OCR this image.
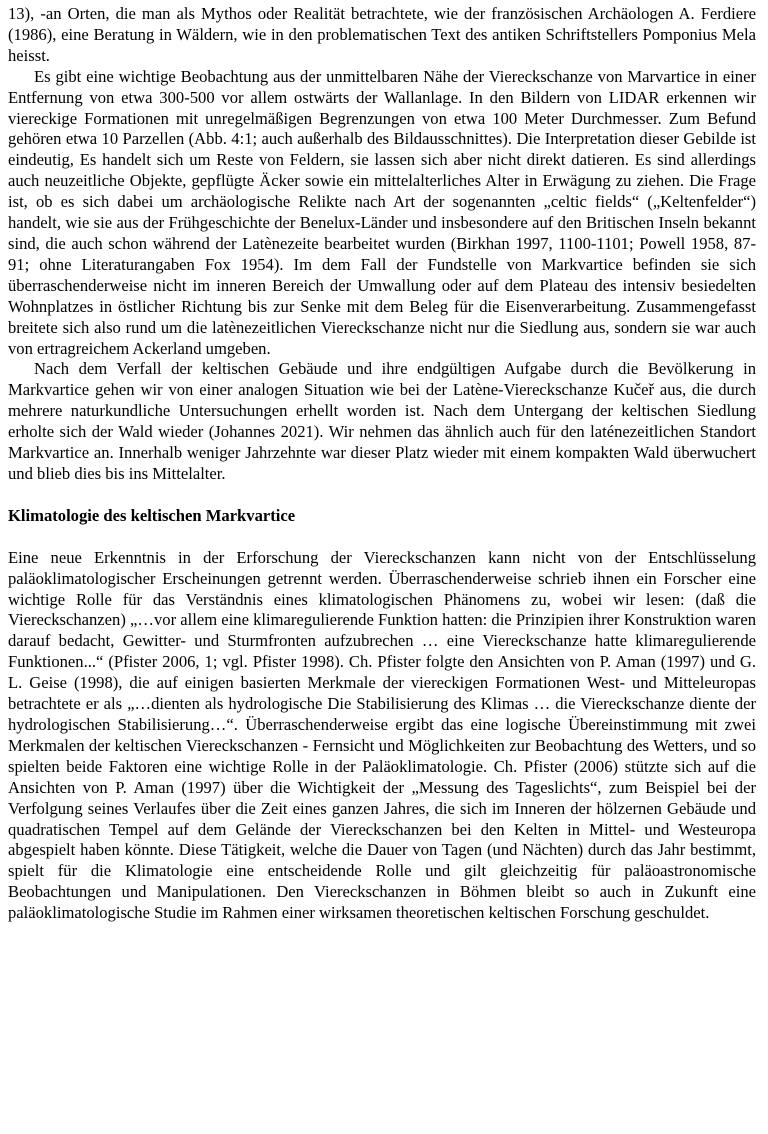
13), -an Orten, die man als Mythos oder Realität betrachtete, wie der französischen Archäologen A. Ferdiere (1986), eine Beratung in Wäldern, wie in den problematischen Text des antiken Schriftstellers Pomponius Mela heisst.

Es gibt eine wichtige Beobachtung aus der unmittelbaren Nähe der Viereckschanze von Marvartice in einer Entfernung von etwa 300-500 vor allem ostwärts der Wallanlage. In den Bildern von LIDAR erkennen wir viereckige Formationen mit unregelmäßigen Begrenzungen von etwa 100 Meter Durchmesser. Zum Befund gehören etwa 10 Parzellen (Abb. 4:1; auch außerhalb des Bildausschnittes). Die Interpretation dieser Gebilde ist eindeutig, Es handelt sich um Reste von Feldern, sie lassen sich aber nicht direkt datieren. Es sind allerdings auch neuzeitliche Objekte, gepflügte Äcker sowie ein mittelalterliches Alter in Erwägung zu ziehen. Die Frage ist, ob es sich dabei um archäologische Relikte nach Art der sogenannten „celtic fields“ („Keltenfelder“) handelt, wie sie aus der Frühgeschichte der Benelux-Länder und insbesondere auf den Britischen Inseln bekannt sind, die auch schon während der Latènezeite bearbeitet wurden (Birkhan 1997, 1100-1101; Powell 1958, 87-91; ohne Literaturangaben Fox 1954). Im dem Fall der Fundstelle von Markvartice befinden sie sich überraschenderweise nicht im inneren Bereich der Umwallung oder auf dem Plateau des intensiv besiedelten Wohnplatzes in östlicher Richtung bis zur Senke mit dem Beleg für die Eisenverarbeitung. Zusammengefasst breitete sich also rund um die latènezeitlichen Viereckschanze nicht nur die Siedlung aus, sondern sie war auch von ertragreichem Ackerland umgeben.

Nach dem Verfall der keltischen Gebäude und ihre endgültigen Aufgabe durch die Bevölkerung in Markvartice gehen wir von einer analogen Situation wie bei der Latène-Viereckschanze Kučeř aus, die durch mehrere naturkundliche Untersuchungen erhellt worden ist. Nach dem Untergang der keltischen Siedlung erholte sich der Wald wieder (Johannes 2021). Wir nehmen das ähnlich auch für den laténezeitlichen Standort Markvartice an. Innerhalb weniger Jahrzehnte war dieser Platz wieder mit einem kompakten Wald überwuchert und blieb dies bis ins Mittelalter.

Klimatologie des keltischen Markvartice

Eine neue Erkenntnis in der Erforschung der Viereckschanzen kann nicht von der Entschlüsselung paläoklimatologischer Erscheinungen getrennt werden. Überraschenderweise schrieb ihnen ein Forscher eine wichtige Rolle für das Verständnis eines klimatologischen Phänomens zu, wobei wir lesen: (daß die Viereckschanzen) „…vor allem eine klimaregulierende Funktion hatten: die Prinzipien ihrer Konstruktion waren darauf bedacht, Gewitter- und Sturmfronten aufzubrechen … eine Viereckschanze hatte klimaregulierende Funktionen...“ (Pfister 2006, 1; vgl. Pfister 1998). Ch. Pfister folgte den Ansichten von P. Aman (1997) und G. L. Geise (1998), die auf einigen basierten Merkmale der viereckigen Formationen West- und Mitteleuropas betrachtete er als „…dienten als hydrologische Die Stabilisierung des Klimas … die Viereckschanze diente der hydrologischen Stabilisierung…“. Überraschenderweise ergibt das eine logische Übereinstimmung mit zwei Merkmalen der keltischen Viereckschanzen - Fernsicht und Möglichkeiten zur Beobachtung des Wetters, und so spielten beide Faktoren eine wichtige Rolle in der Paläoklimatologie. Ch. Pfister (2006) stützte sich auf die Ansichten von P. Aman (1997) über die Wichtigkeit der „Messung des Tageslichts“, zum Beispiel bei der Verfolgung seines Verlaufes über die Zeit eines ganzen Jahres, die sich im Inneren der hölzernen Gebäude und quadratischen Tempel auf dem Gelände der Viereckschanzen bei den Kelten in Mittel- und Westeuropa abgespielt haben könnte. Diese Tätigkeit, welche die Dauer von Tagen (und Nächten) durch das Jahr bestimmt, spielt für die Klimatologie eine entscheidende Rolle und gilt gleichzeitig für paläoastronomische Beobachtungen und Manipulationen. Den Viereckschanzen in Böhmen bleibt so auch in Zukunft eine paläoklimatologische Studie im Rahmen einer wirksamen theoretischen keltischen Forschung geschuldet.
